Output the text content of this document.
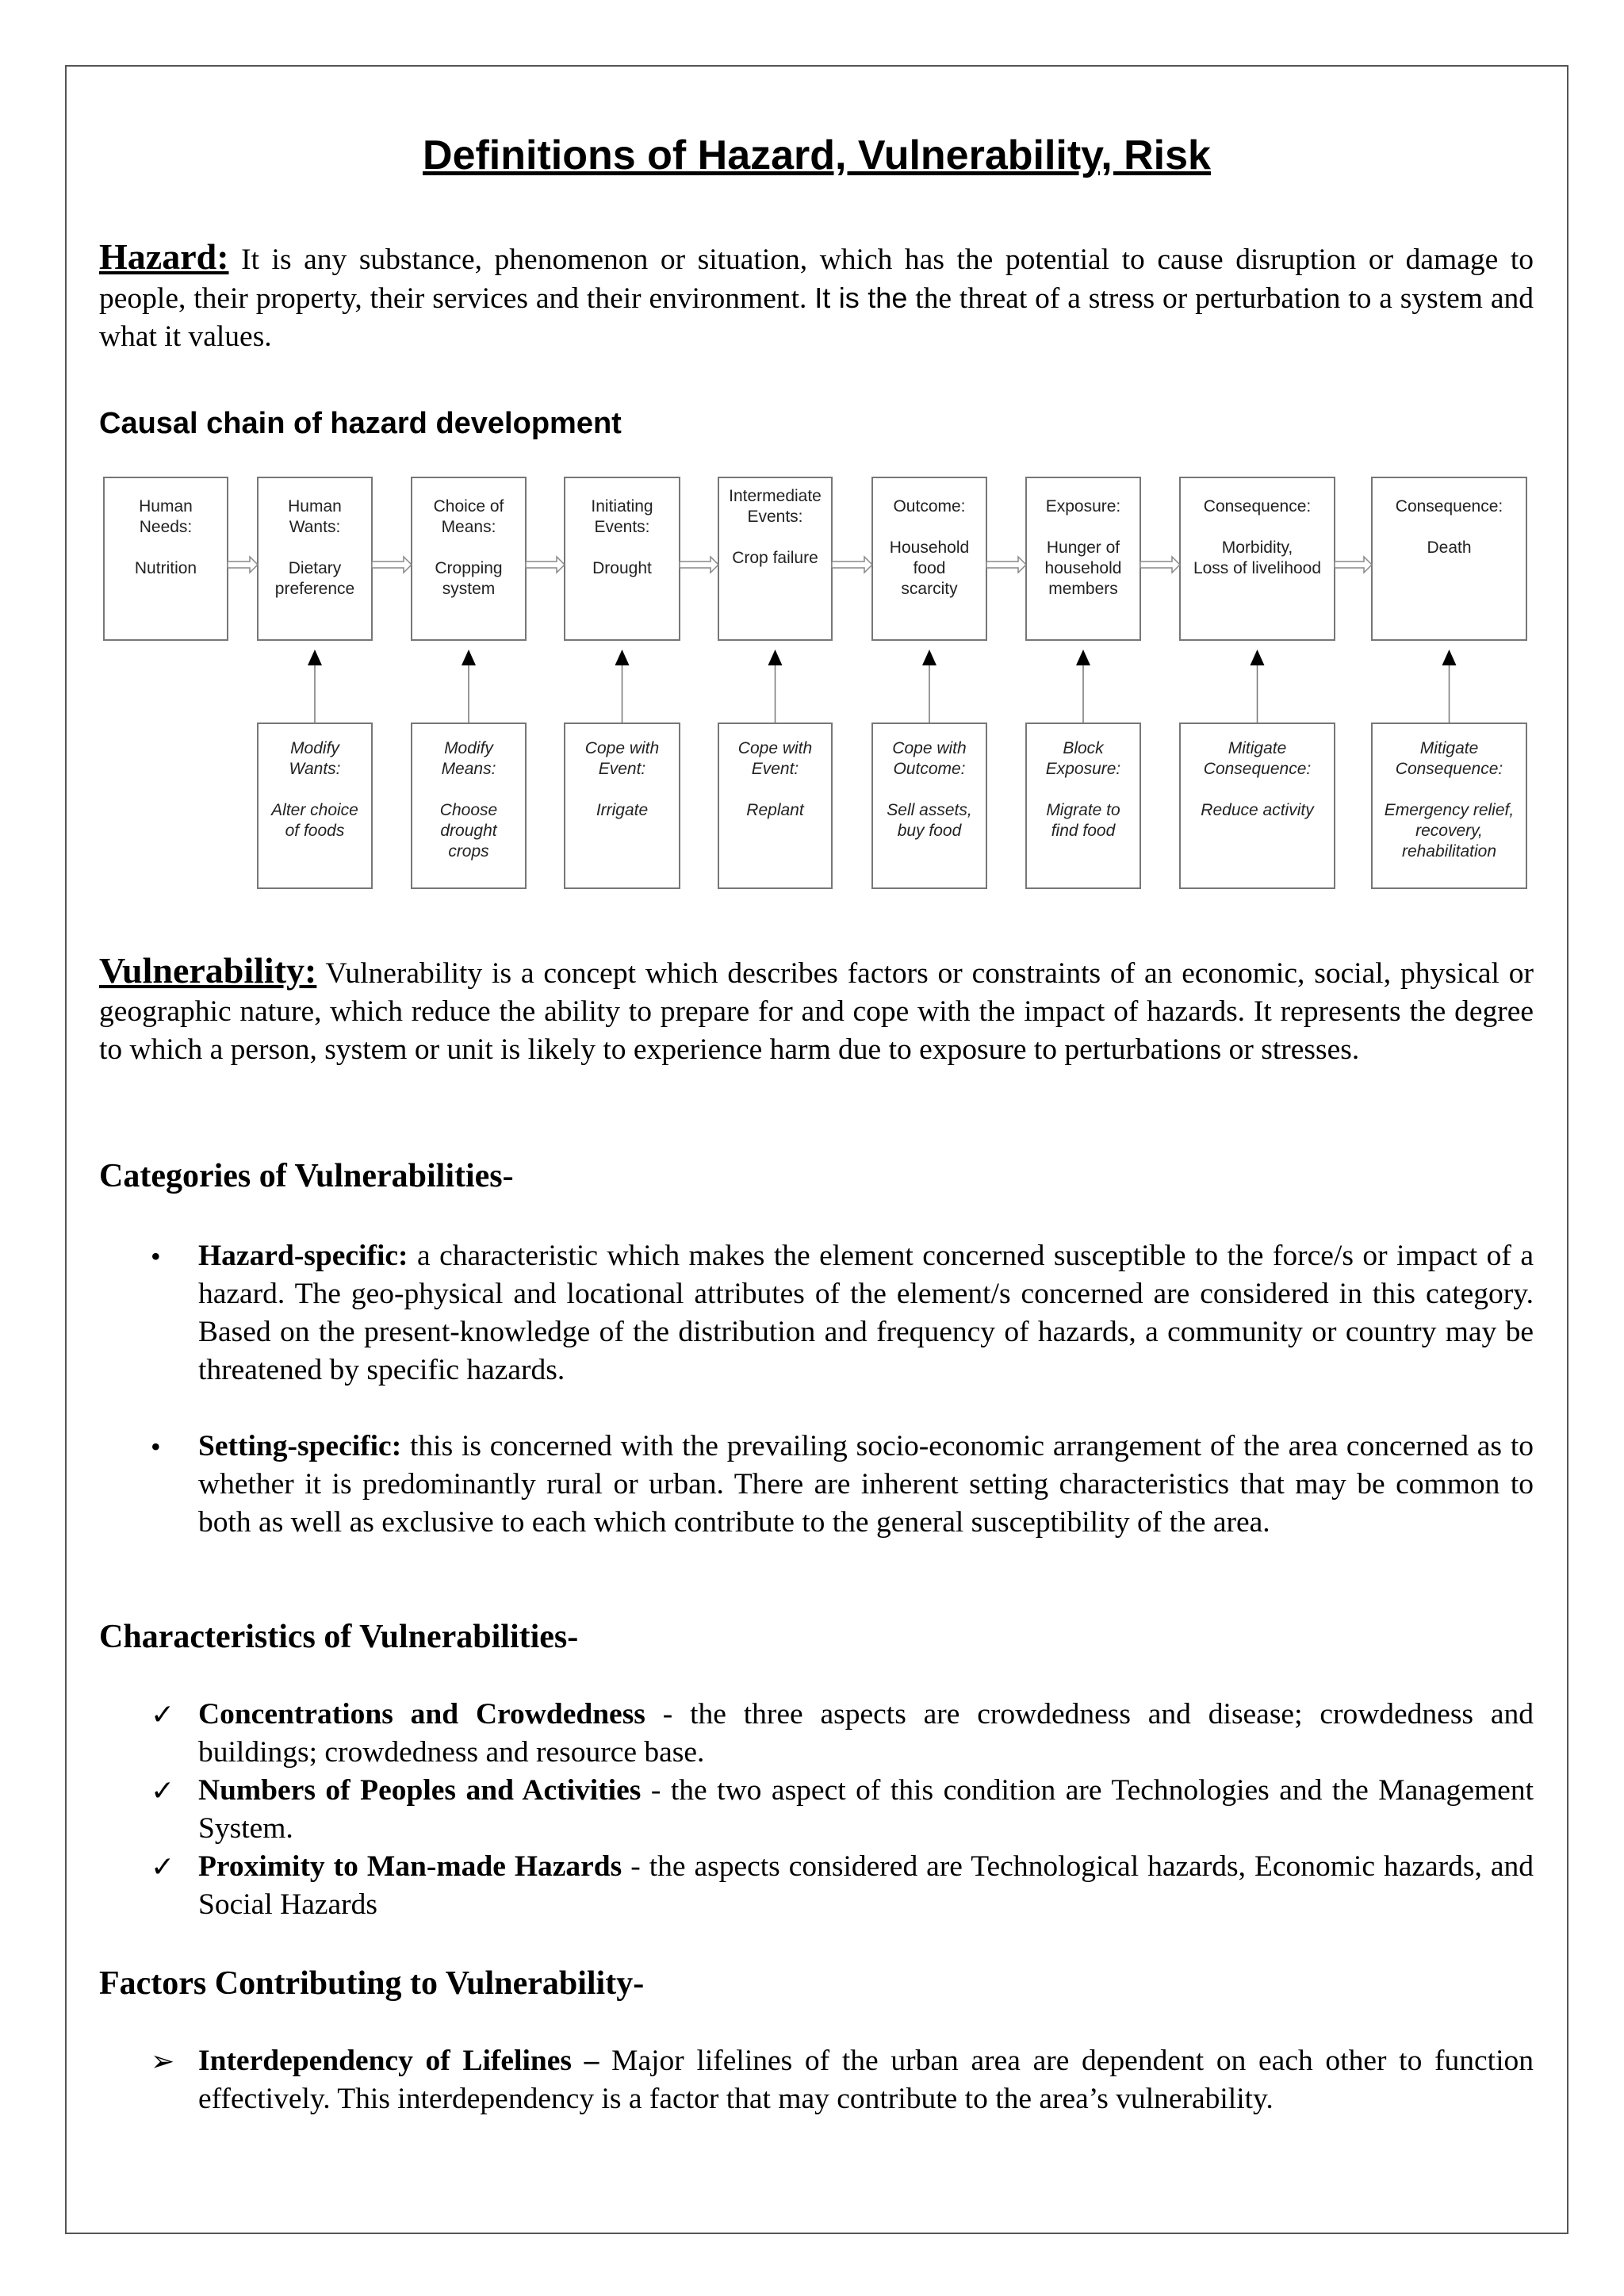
Definitions of Hazard, Vulnerability, Risk
Hazard: It is any substance, phenomenon or situation, which has the potential to cause disruption or damage to people, their property, their services and their environment. It is the the threat of a stress or perturbation to a system and what it values.
Causal chain of hazard development
Human
Needs:
Nutrition
Human
Wants:
Dietary
preference
Choice of
Means:
Cropping
system
Initiating
Events:
Drought
Intermediate
Events:
Crop failure
Outcome:
Household
food
scarcity
Exposure:
Hunger of
household
members
Consequence:
Morbidity,
Loss of livelihood
Consequence:
Death
Modify
Wants:
Alter choice
of foods
Modify
Means:
Choose
drought
crops
Cope with
Event:
Irrigate
Cope with
Event:
Replant
Cope with
Outcome:
Sell assets,
buy food
Block
Exposure:
Migrate to
find food
Mitigate
Consequence:
Reduce activity
Mitigate
Consequence:
Emergency relief,
recovery,
rehabilitation
Vulnerability: Vulnerability is a concept which describes factors or constraints of an economic, social, physical or geographic nature, which reduce the ability to prepare for and cope with the impact of hazards. It represents the degree to which a person, system or unit is likely to experience harm due to exposure to perturbations or stresses.
Categories of Vulnerabilities-
• Hazard-specific: a characteristic which makes the element concerned susceptible to the force/s or impact of a hazard. The geo-physical and locational attributes of the element/s concerned are considered in this category. Based on the present-knowledge of the distribution and frequency of hazards, a community or country may be threatened by specific hazards.
• Setting-specific: this is concerned with the prevailing socio-economic arrangement of the area concerned as to whether it is predominantly rural or urban. There are inherent setting characteristics that may be common to both as well as exclusive to each which contribute to the general susceptibility of the area.
Characteristics of Vulnerabilities-
✓ Concentrations and Crowdedness - the three aspects are crowdedness and disease; crowdedness and buildings; crowdedness and resource base.
✓ Numbers of Peoples and Activities - the two aspect of this condition are Technologies and the Management System.
✓ Proximity to Man-made Hazards - the aspects considered are Technological hazards, Economic hazards, and Social Hazards
Factors Contributing to Vulnerability-
➢ Interdependency of Lifelines – Major lifelines of the urban area are dependent on each other to function effectively. This interdependency is a factor that may contribute to the area’s vulnerability.
